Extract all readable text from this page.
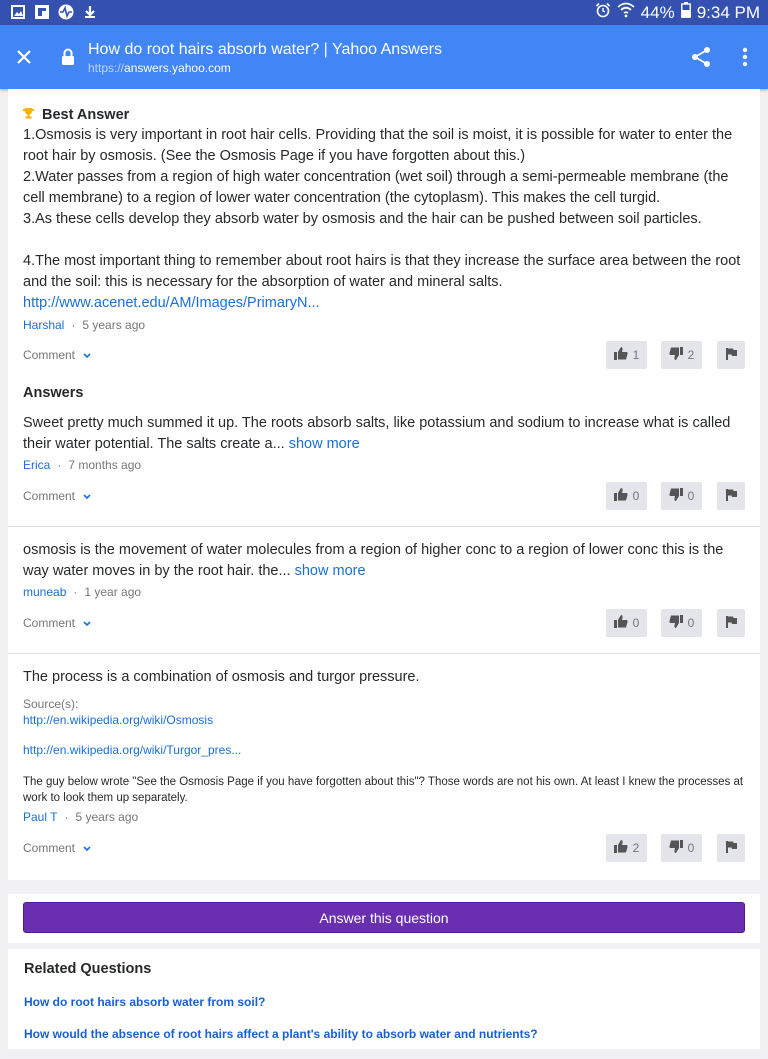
44% 9:34 PM
How do root hairs absorb water? | Yahoo Answers
https://answers.yahoo.com
Best Answer
1.Osmosis is very important in root hair cells. Providing that the soil is moist, it is possible for water to enter the root hair by osmosis. (See the Osmosis Page if you have forgotten about this.)
2.Water passes from a region of high water concentration (wet soil) through a semi-permeable membrane (the cell membrane) to a region of lower water concentration (the cytoplasm). This makes the cell turgid.
3.As these cells develop they absorb water by osmosis and the hair can be pushed between soil particles.
4.The most important thing to remember about root hairs is that they increase the surface area between the root and the soil: this is necessary for the absorption of water and mineral salts.
http://www.acenet.edu/AM/Images/PrimaryN...
Harshal · 5 years ago
Comment	1	2
Answers
Sweet pretty much summed it up. The roots absorb salts, like potassium and sodium to increase what is called their water potential. The salts create a... show more
Erica · 7 months ago
Comment	0	0
osmosis is the movement of water molecules from a region of higher conc to a region of lower conc this is the way water moves in by the root hair. the... show more
muneab · 1 year ago
Comment	0	0
The process is a combination of osmosis and turgor pressure.
Source(s):
http://en.wikipedia.org/wiki/Osmosis
http://en.wikipedia.org/wiki/Turgor_pres...
The guy below wrote "See the Osmosis Page if you have forgotten about this"? Those words are not his own. At least I knew the processes at work to look them up separately.
Paul T · 5 years ago
Comment	2	0
Answer this question
Related Questions
How do root hairs absorb water from soil?
How would the absence of root hairs affect a plant's ability to absorb water and nutrients?
